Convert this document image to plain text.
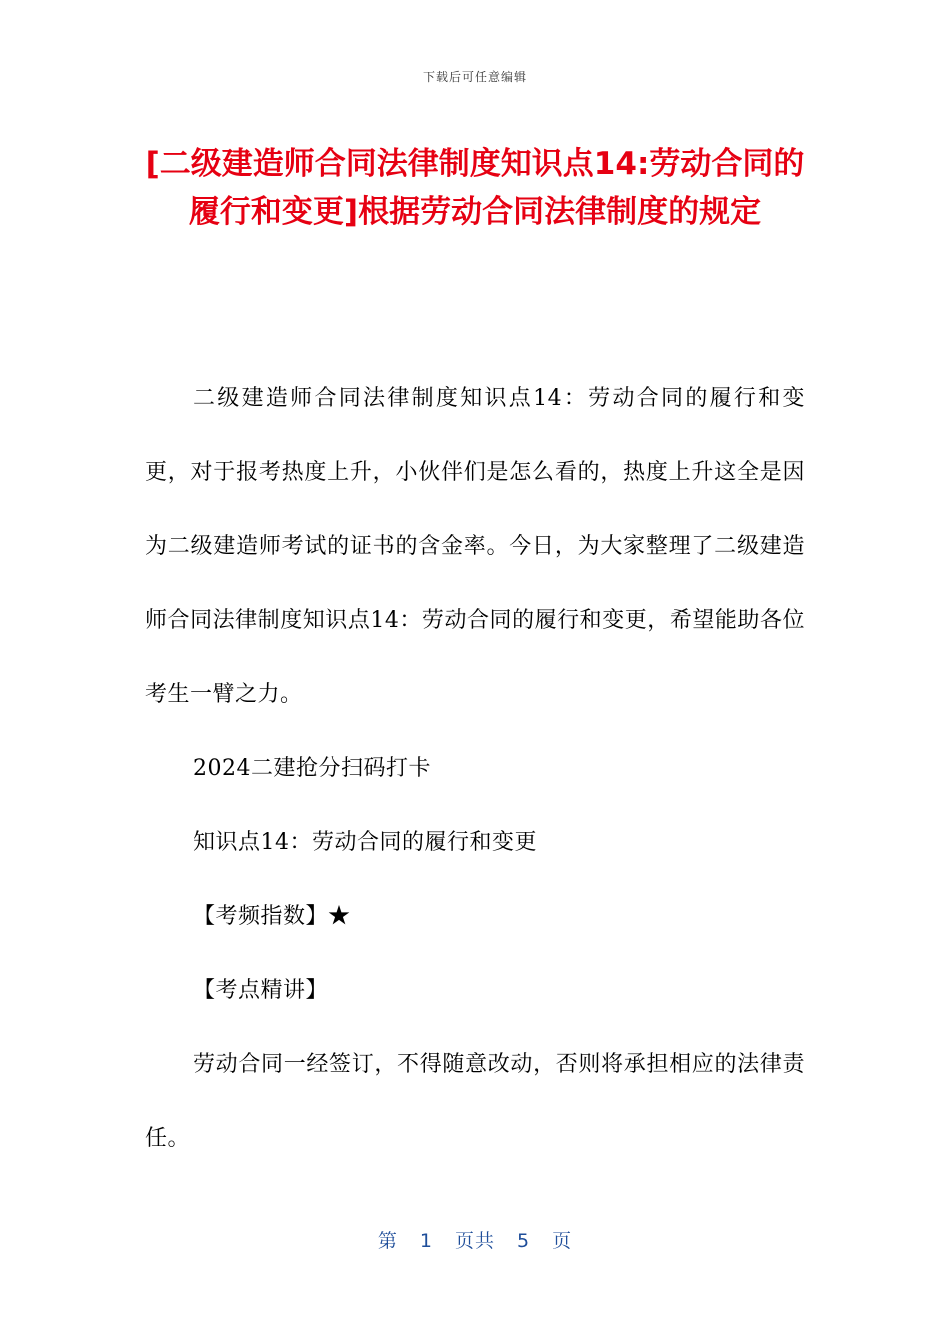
下载后可任意编辑
[二级建造师合同法律制度知识点14:劳动合同的履行和变更]根据劳动合同法律制度的规定

二级建造师合同法律制度知识点14：劳动合同的履行和变更，对于报考热度上升，小伙伴们是怎么看的，热度上升这全是因为二级建造师考试的证书的含金率。今日，为大家整理了二级建造师合同法律制度知识点14：劳动合同的履行和变更，希望能助各位考生一臂之力。

2024二建抢分扫码打卡

知识点14：劳动合同的履行和变更

【考频指数】★

【考点精讲】

劳动合同一经签订，不得随意改动，否则将承担相应的法律责任。

第 1 页共 5 页
